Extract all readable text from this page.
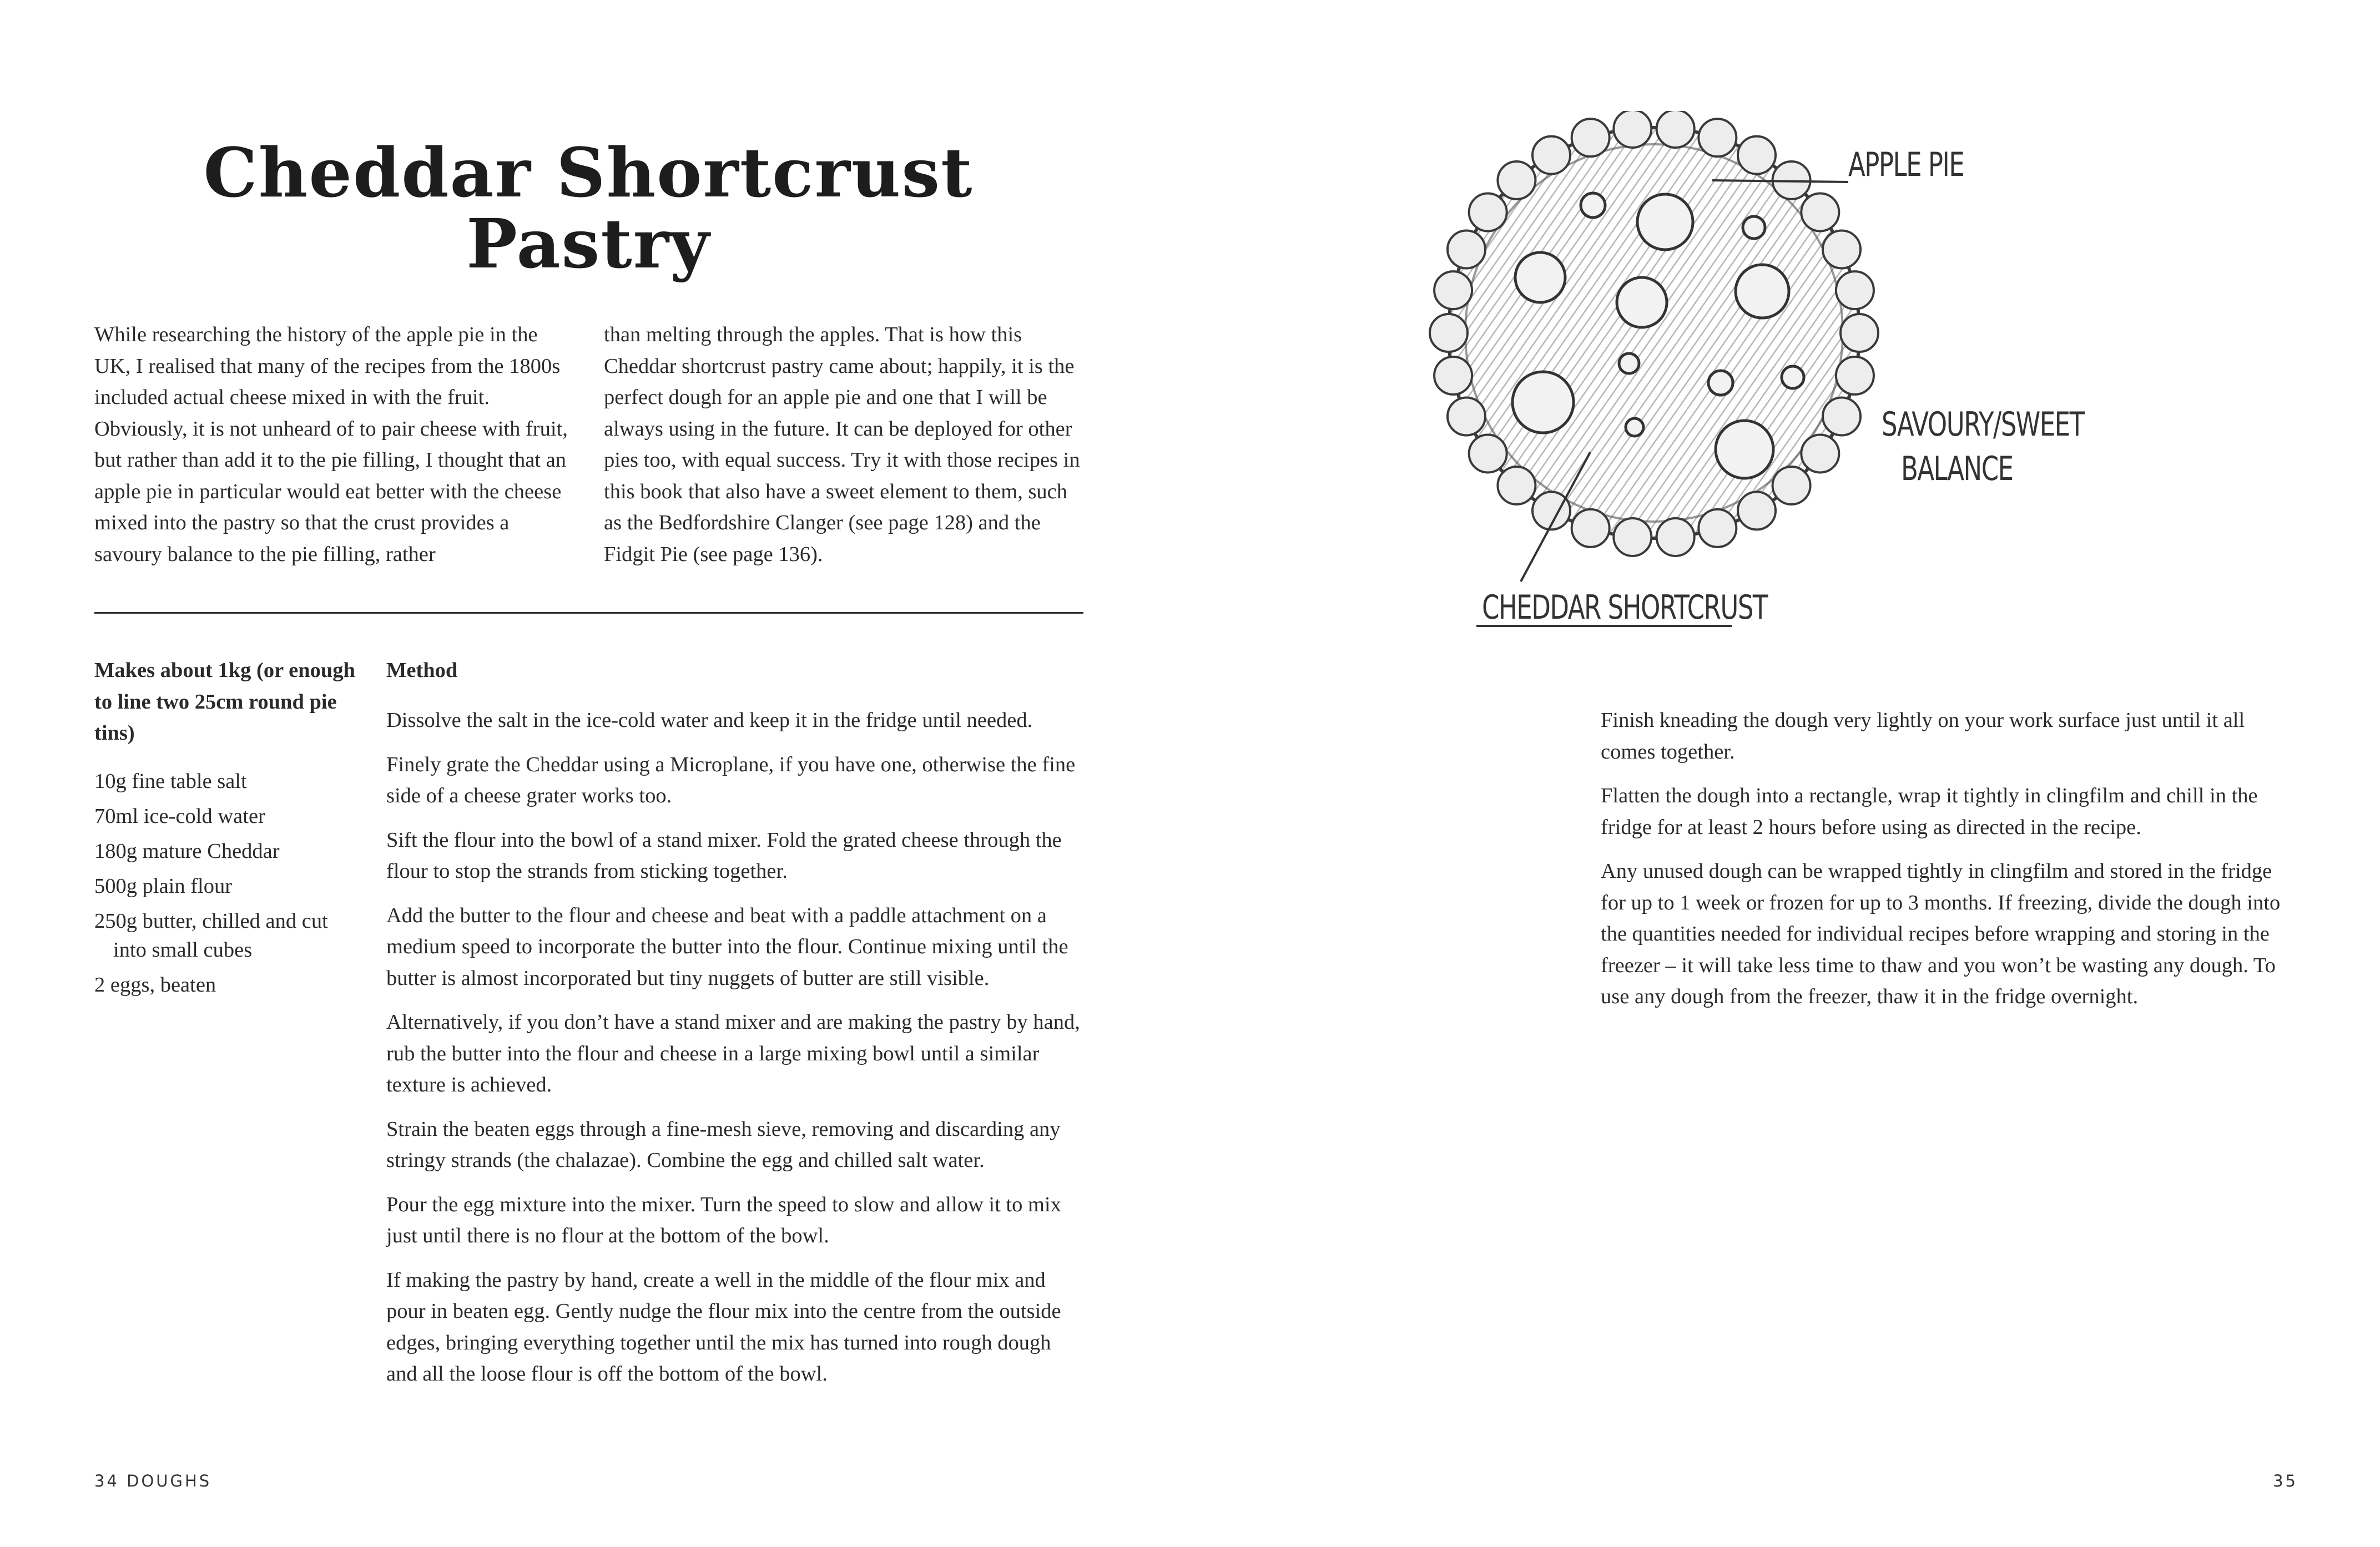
Cheddar Shortcrust Pastry

While researching the history of the apple pie in the UK, I realised that many of the recipes from the 1800s included actual cheese mixed in with the fruit. Obviously, it is not unheard of to pair cheese with fruit, but rather than add it to the pie filling, I thought that an apple pie in particular would eat better with the cheese mixed into the pastry so that the crust provides a savoury balance to the pie filling, rather

than melting through the apples. That is how this Cheddar shortcrust pastry came about; happily, it is the perfect dough for an apple pie and one that I will be always using in the future. It can be deployed for other pies too, with equal success. Try it with those recipes in this book that also have a sweet element to them, such as the Bedfordshire Clanger (see page 128) and the Fidgit Pie (see page 136).

Makes about 1kg (or enough to line two 25cm round pie tins)
10g fine table salt
70ml ice-cold water
180g mature Cheddar
500g plain flour
250g butter, chilled and cut into small cubes
2 eggs, beaten
Method
Dissolve the salt in the ice-cold water and keep it in the fridge until needed.
Finely grate the Cheddar using a Microplane, if you have one, otherwise the fine side of a cheese grater works too.
Sift the flour into the bowl of a stand mixer. Fold the grated cheese through the flour to stop the strands from sticking together.
Add the butter to the flour and cheese and beat with a paddle attachment on a medium speed to incorporate the butter into the flour. Continue mixing until the butter is almost incorporated but tiny nuggets of butter are still visible.
Alternatively, if you don’t have a stand mixer and are making the pastry by hand, rub the butter into the flour and cheese in a large mixing bowl until a similar texture is achieved.
Strain the beaten eggs through a fine-mesh sieve, removing and discarding any stringy strands (the chalazae). Combine the egg and chilled salt water.
Pour the egg mixture into the mixer. Turn the speed to slow and allow it to mix just until there is no flour at the bottom of the bowl.
If making the pastry by hand, create a well in the middle of the flour mix and pour in beaten egg. Gently nudge the flour mix into the centre from the outside edges, bringing everything together until the mix has turned into rough dough and all the loose flour is off the bottom of the bowl.
34 DOUGHS
APPLE PIE
SAVOURY/SWEET
BALANCE
CHEDDAR SHORTCRUST
Finish kneading the dough very lightly on your work surface just until it all comes together.
Flatten the dough into a rectangle, wrap it tightly in clingfilm and chill in the fridge for at least 2 hours before using as directed in the recipe.
Any unused dough can be wrapped tightly in clingfilm and stored in the fridge for up to 1 week or frozen for up to 3 months. If freezing, divide the dough into the quantities needed for individual recipes before wrapping and storing in the freezer – it will take less time to thaw and you won’t be wasting any dough. To use any dough from the freezer, thaw it in the fridge overnight.
35
